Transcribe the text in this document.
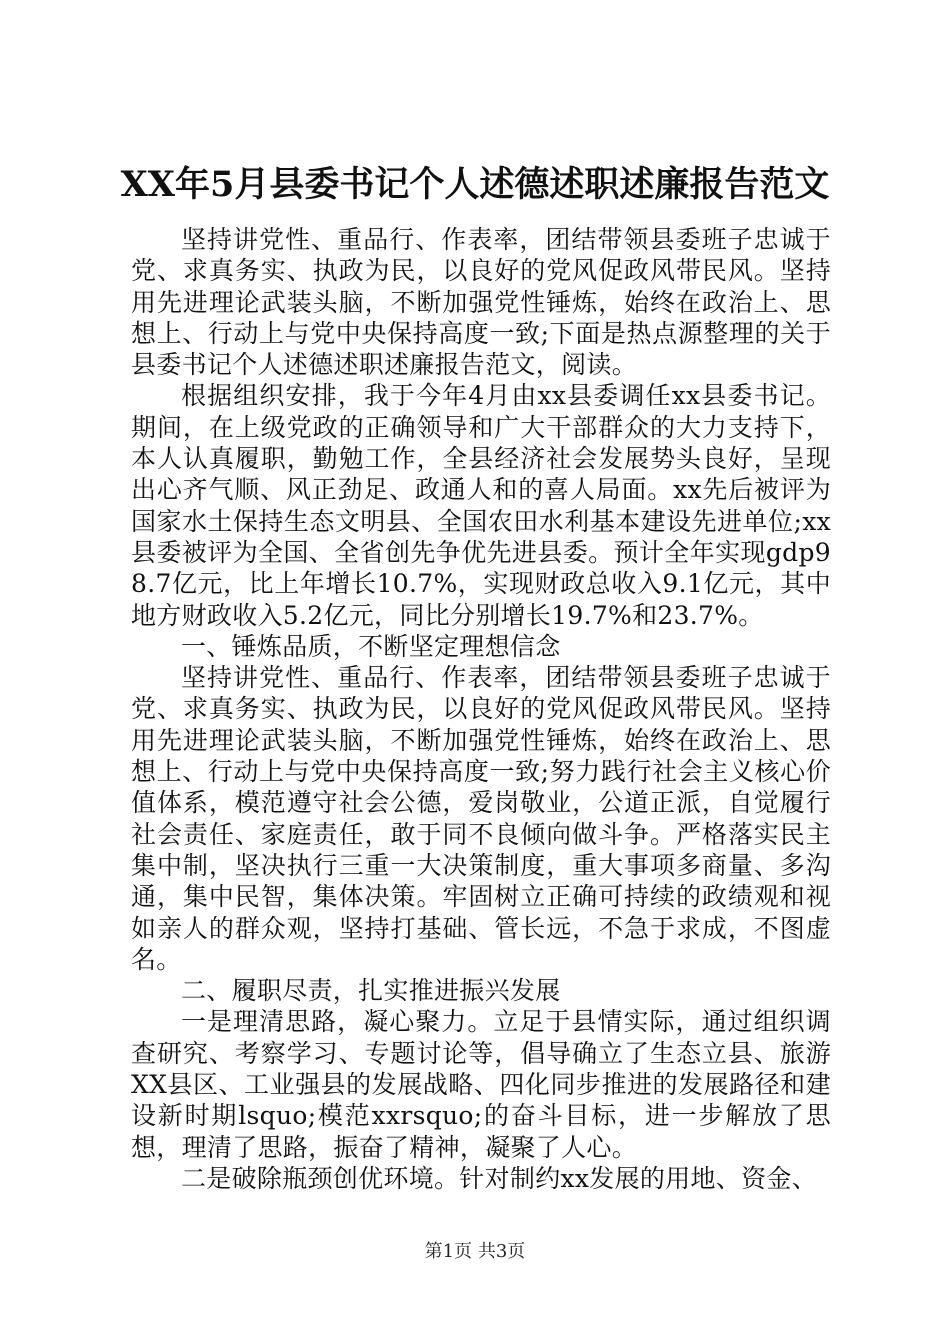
XX年5月县委书记个人述德述职述廉报告范文

坚持讲党性、重品行、作表率，团结带领县委班子忠诚于党、求真务实、执政为民，以良好的党风促政风带民风。坚持用先进理论武装头脑，不断加强党性锤炼，始终在政治上、思想上、行动上与党中央保持高度一致;下面是热点源整理的关于县委书记个人述德述职述廉报告范文，阅读。

根据组织安排，我于今年4月由xx县委调任xx县委书记。期间，在上级党政的正确领导和广大干部群众的大力支持下，本人认真履职，勤勉工作，全县经济社会发展势头良好，呈现出心齐气顺、风正劲足、政通人和的喜人局面。xx先后被评为国家水土保持生态文明县、全国农田水利基本建设先进单位;xx县委被评为全国、全省创先争优先进县委。预计全年实现gdp98.7亿元，比上年增长10.7%，实现财政总收入9.1亿元，其中地方财政收入5.2亿元，同比分别增长19.7%和23.7%。

一、锤炼品质，不断坚定理想信念

坚持讲党性、重品行、作表率，团结带领县委班子忠诚于党、求真务实、执政为民，以良好的党风促政风带民风。坚持用先进理论武装头脑，不断加强党性锤炼，始终在政治上、思想上、行动上与党中央保持高度一致;努力践行社会主义核心价值体系，模范遵守社会公德，爱岗敬业，公道正派，自觉履行社会责任、家庭责任，敢于同不良倾向做斗争。严格落实民主集中制，坚决执行三重一大决策制度，重大事项多商量、多沟通，集中民智，集体决策。牢固树立正确可持续的政绩观和视如亲人的群众观，坚持打基础、管长远，不急于求成，不图虚名。

二、履职尽责，扎实推进振兴发展

一是理清思路，凝心聚力。立足于县情实际，通过组织调查研究、考察学习、专题讨论等，倡导确立了生态立县、旅游XX县区、工业强县的发展战略、四化同步推进的发展路径和建设新时期lsquo;模范xxrsquo;的奋斗目标，进一步解放了思想，理清了思路，振奋了精神，凝聚了人心。

二是破除瓶颈创优环境。针对制约xx发展的用地、资金、

第1页 共3页
